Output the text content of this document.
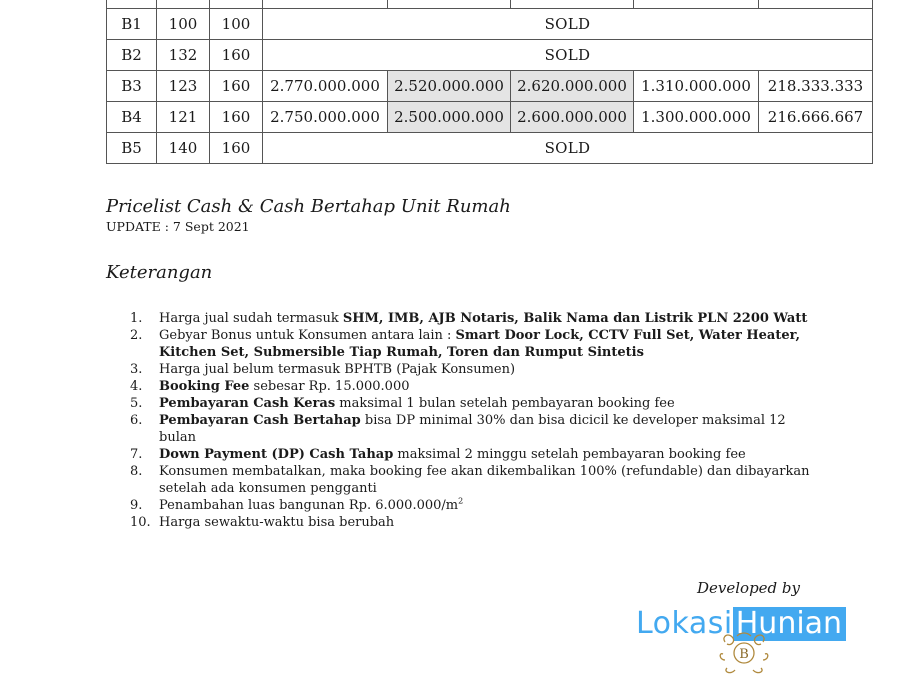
B1	100	100	SOLD				
B2	132	160	SOLD				
B3	123	160	2.770.000.000	2.520.000.000	2.620.000.000	1.310.000.000	218.333.333
B4	121	160	2.750.000.000	2.500.000.000	2.600.000.000	1.300.000.000	216.666.667
B5	140	160	SOLD				
Pricelist Cash & Cash Bertahap Unit Rumah
UPDATE : 7 Sept 2021
Keterangan
1.	Harga jual sudah termasuk SHM, IMB, AJB Notaris, Balik Nama dan Listrik PLN 2200 Watt
2.	Gebyar Bonus untuk Konsumen antara lain : Smart Door Lock, CCTV Full Set, Water Heater, Kitchen Set, Submersible Tiap Rumah, Toren dan Rumput Sintetis
3.	Harga jual belum termasuk BPHTB (Pajak Konsumen)
4.	Booking Fee sebesar Rp. 15.000.000
5.	Pembayaran Cash Keras maksimal 1 bulan setelah pembayaran booking fee
6.	Pembayaran Cash Bertahap bisa DP minimal 30% dan bisa dicicil ke developer maksimal 12 bulan
7.	Down Payment (DP) Cash Tahap maksimal 2 minggu setelah pembayaran booking fee
8.	Konsumen membatalkan, maka booking fee akan dikembalikan 100% (refundable) dan dibayarkan setelah ada konsumen pengganti
9.	Penambahan luas bangunan Rp. $6.000.000/m^2$
10. Harga sewaktu-waktu bisa berubah
Developed by
Lokasi Hunian
B
